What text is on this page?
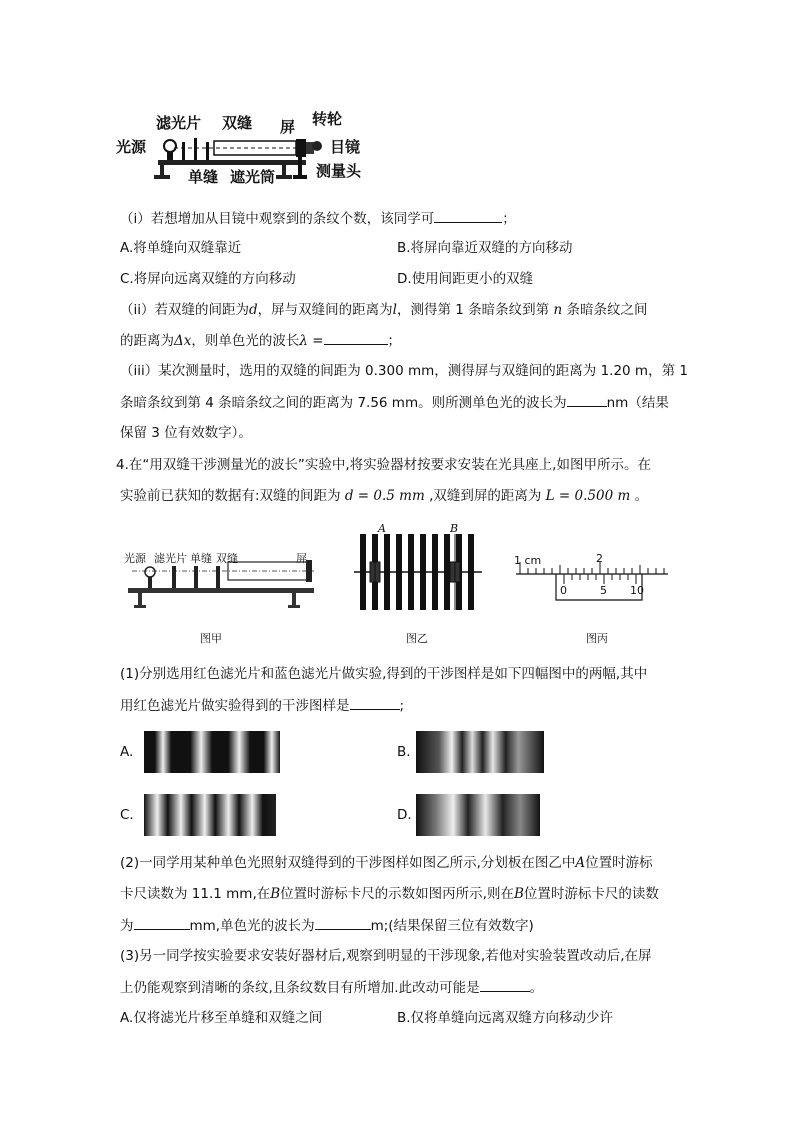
滤光片 双缝 屏 转轮
光源	目镜
单缝 遮光筒	测量头
（i）若想增加从目镜中观察到的条纹个数，该同学可	；
A.将单缝向双缝靠近	B.将屏向靠近双缝的方向移动
C.将屏向远离双缝的方向移动	D.使用间距更小的双缝
（ii）若双缝的间距为d，屏与双缝间的距离为l，测得第 1 条暗条纹到第 n 条暗条纹之间
的距离为Δx，则单色光的波长λ =	；
（iii）某次测量时，选用的双缝的间距为 0.300 mm，测得屏与双缝间的距离为 1.20 m，第 1
条暗条纹到第 4 条暗条纹之间的距离为 7.56 mm。则所测单色光的波长为	nm（结果
保留 3 位有效数字）。
4.在“用双缝干涉测量光的波长”实验中,将实验器材按要求安装在光具座上,如图甲所示。在
实验前已获知的数据有:双缝的间距为 d = 0.5 mm ,双缝到屏的距离为 L = 0.500 m 。
光源 滤光片 单缝 双缝	屏
图甲
A	B
图乙
1 cm	2
0	5 10
图丙
(1)分别选用红色滤光片和蓝色滤光片做实验,得到的干涉图样是如下四幅图中的两幅,其中
用红色滤光片做实验得到的干涉图样是	;
A.	B.
C.	D.
(2)一同学用某种单色光照射双缝得到的干涉图样如图乙所示,分划板在图乙中A位置时游标
卡尺读数为 11.1 mm,在B位置时游标卡尺的示数如图丙所示,则在B位置时游标卡尺的读数
为	mm,单色光的波长为	m;(结果保留三位有效数字)
(3)另一同学按实验要求安装好器材后,观察到明显的干涉现象,若他对实验装置改动后,在屏
上仍能观察到清晰的条纹,且条纹数目有所增加.此改动可能是	。
A.仅将滤光片移至单缝和双缝之间	B.仅将单缝向远离双缝方向移动少许
